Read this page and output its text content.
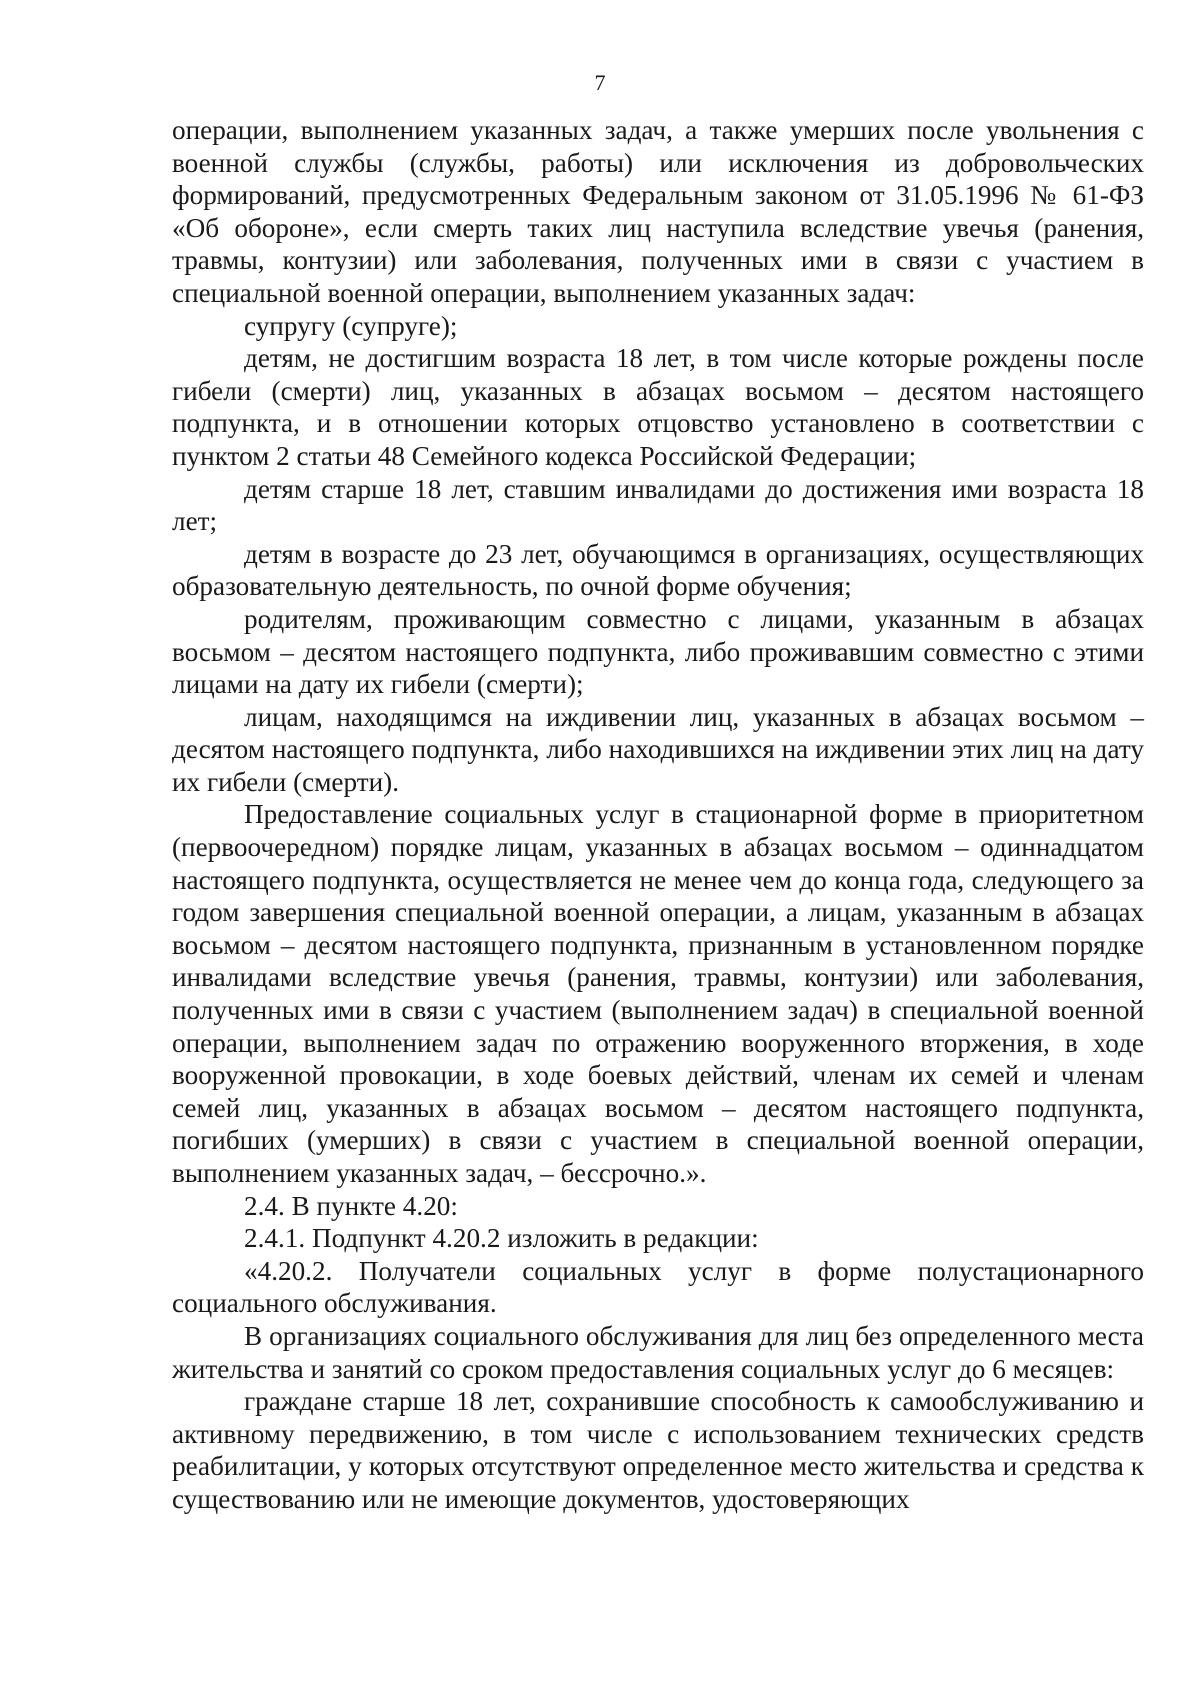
7

операции, выполнением указанных задач, а также умерших после увольнения с военной службы (службы, работы) или исключения из добровольческих формирований, предусмотренных Федеральным законом от 31.05.1996 № 61-ФЗ «Об обороне», если смерть таких лиц наступила вследствие увечья (ранения, травмы, контузии) или заболевания, полученных ими в связи с участием в специальной военной операции, выполнением указанных задач:

супругу (супруге);

детям, не достигшим возраста 18 лет, в том числе которые рождены после гибели (смерти) лиц, указанных в абзацах восьмом – десятом настоящего подпункта, и в отношении которых отцовство установлено в соответствии с пунктом 2 статьи 48 Семейного кодекса Российской Федерации;

детям старше 18 лет, ставшим инвалидами до достижения ими возраста 18 лет;

детям в возрасте до 23 лет, обучающимся в организациях, осуществляющих образовательную деятельность, по очной форме обучения;

родителям, проживающим совместно с лицами, указанным в абзацах восьмом – десятом настоящего подпункта, либо проживавшим совместно с этими лицами на дату их гибели (смерти);

лицам, находящимся на иждивении лиц, указанных в абзацах восьмом – десятом настоящего подпункта, либо находившихся на иждивении этих лиц на дату их гибели (смерти).

Предоставление социальных услуг в стационарной форме в приоритетном (первоочередном) порядке лицам, указанных в абзацах восьмом – одиннадцатом настоящего подпункта, осуществляется не менее чем до конца года, следующего за годом завершения специальной военной операции, а лицам, указанным в абзацах восьмом – десятом настоящего подпункта, признанным в установленном порядке инвалидами вследствие увечья (ранения, травмы, контузии) или заболевания, полученных ими в связи с участием (выполнением задач) в специальной военной операции, выполнением задач по отражению вооруженного вторжения, в ходе вооруженной провокации, в ходе боевых действий, членам их семей и членам семей лиц, указанных в абзацах восьмом – десятом настоящего подпункта, погибших (умерших) в связи с участием в специальной военной операции, выполнением указанных задач, – бессрочно.».

2.4. В пункте 4.20:

2.4.1. Подпункт 4.20.2 изложить в редакции:

«4.20.2. Получатели социальных услуг в форме полустационарного социального обслуживания.

В организациях социального обслуживания для лиц без определенного места жительства и занятий со сроком предоставления социальных услуг до 6 месяцев:

граждане старше 18 лет, сохранившие способность к самообслуживанию и активному передвижению, в том числе с использованием технических средств реабилитации, у которых отсутствуют определенное место жительства и средства к существованию или не имеющие документов, удостоверяющих
